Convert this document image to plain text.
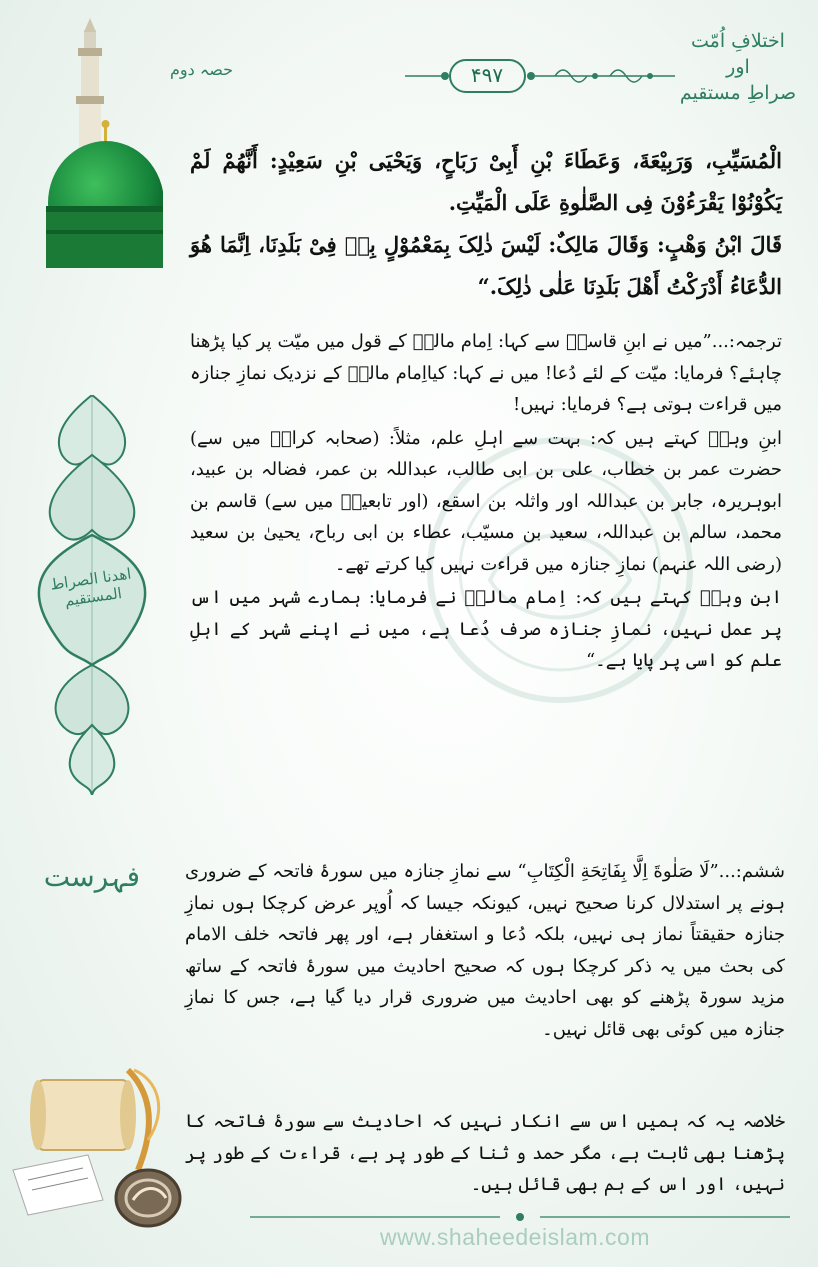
اختلافِ اُمّت اور
صراطِ مستقیم
حصہ دوم	۴۹۷
اھدنا الصراط المستقیم
فہرست

الْمُسَیِّبِ، وَرَبِیْعَةَ، وَعَطَاءَ بْنِ أَبِیْ رَبَاحٍ، وَیَحْیَی بْنِ سَعِیْدٍ: أَنَّھُمْ لَمْ یَكُوْنُوْا یَقْرَءُوْنَ فِی الصَّلٰوةِ عَلَی الْمَیِّتِ.

قَالَ ابْنُ وَھْبٍ: وَقَالَ مَالِکٌ: لَیْسَ ذٰلِکَ بِمَعْمُوْلٍ بِهٖ فِیْ بَلَدِنَا، اِنَّمَا ھُوَ الدُّعَاءُ أَدْرَكْتُ أَھْلَ بَلَدِنَا عَلٰی ذٰلِکَ.“

ترجمہ:...”میں نے ابنِ قاسمؒ سے کہا: اِمام مالکؒ کے قول میں میّت پر کیا پڑھنا چاہئے؟ فرمایا: میّت کے لئے دُعا! میں نے کہا: کیااِمام مالکؒ کے نزدیک نمازِ جنازہ میں قراءت ہوتی ہے؟ فرمایا: نہیں!

ابنِ وہبؒ کہتے ہیں کہ: بہت سے اہلِ علم، مثلاً: (صحابہ کرامؓ میں سے) حضرت عمر بن خطاب، علی بن ابی طالب، عبداللہ بن عمر، فضالہ بن عبید، ابوہریرہ، جابر بن عبداللہ اور واثلہ بن اسقع، (اور تابعینؒ میں سے) قاسم بن محمد، سالم بن عبداللہ، سعید بن مسیّب، عطاء بن ابی رباح، یحییٰ بن سعید (رضی اللہ عنہم) نمازِ جنازہ میں قراءت نہیں کیا کرتے تھے۔

ابنِ وہبؒ کہتے ہیں کہ: اِمام مالکؒ نے فرمایا: ہمارے شہر میں اس پر عمل نہیں، نمازِ جنازہ صرف دُعا ہے، میں نے اپنے شہر کے اہلِ علم کو اسی پر پایا ہے۔“

ششم:...”لَا صَلٰوةَ اِلَّا بِفَاتِحَةِ الْكِتَابِ“ سے نمازِ جنازہ میں سورۂ فاتحہ کے ضروری ہونے پر استدلال کرنا صحیح نہیں، کیونکہ جیسا کہ اُوپر عرض کرچکا ہوں نمازِ جنازہ حقیقتاً نماز ہی نہیں، بلکہ دُعا و استغفار ہے، اور پھر فاتحہ خلف الامام کی بحث میں یہ ذکر کرچکا ہوں کہ صحیح احادیث میں سورۂ فاتحہ کے ساتھ مزید سورۃ پڑھنے کو بھی احادیث میں ضروری قرار دیا گیا ہے، جس کا نمازِ جنازہ میں کوئی بھی قائل نہیں۔

خلاصہ یہ کہ ہمیں اس سے انکار نہیں کہ احادیث سے سورۂ فاتحہ کا پڑھنا بھی ثابت ہے، مگر حمد و ثنا کے طور پر ہے، قراءت کے طور پر نہیں، اور اس کے ہم بھی قائل ہیں۔

www.shaheedeislam.com
